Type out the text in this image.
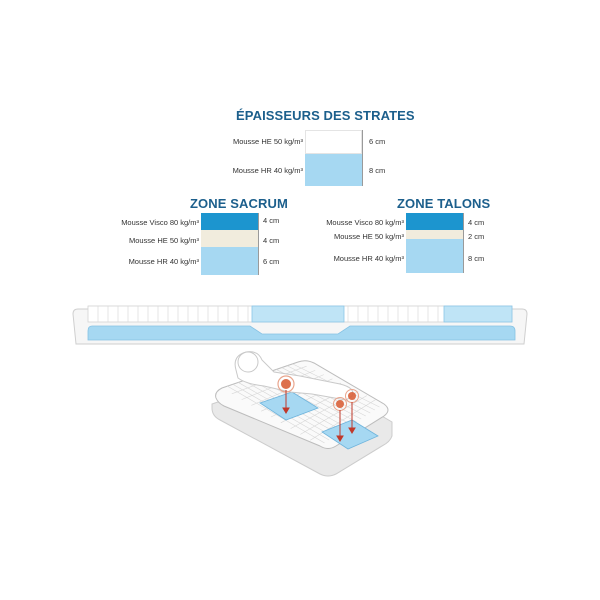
ÉPAISSEURS DES STRATES
Mousse HE 50 kg/m³	6 cm
Mousse HR 40 kg/m³	8 cm
ZONE SACRUM
Mousse Visco 80 kg/m³	4 cm
Mousse HE 50 kg/m³	4 cm
Mousse HR 40 kg/m³	6 cm
ZONE TALONS
Mousse Visco 80 kg/m³	4 cm
Mousse HE 50 kg/m³	2 cm
Mousse HR 40 kg/m³	8 cm
